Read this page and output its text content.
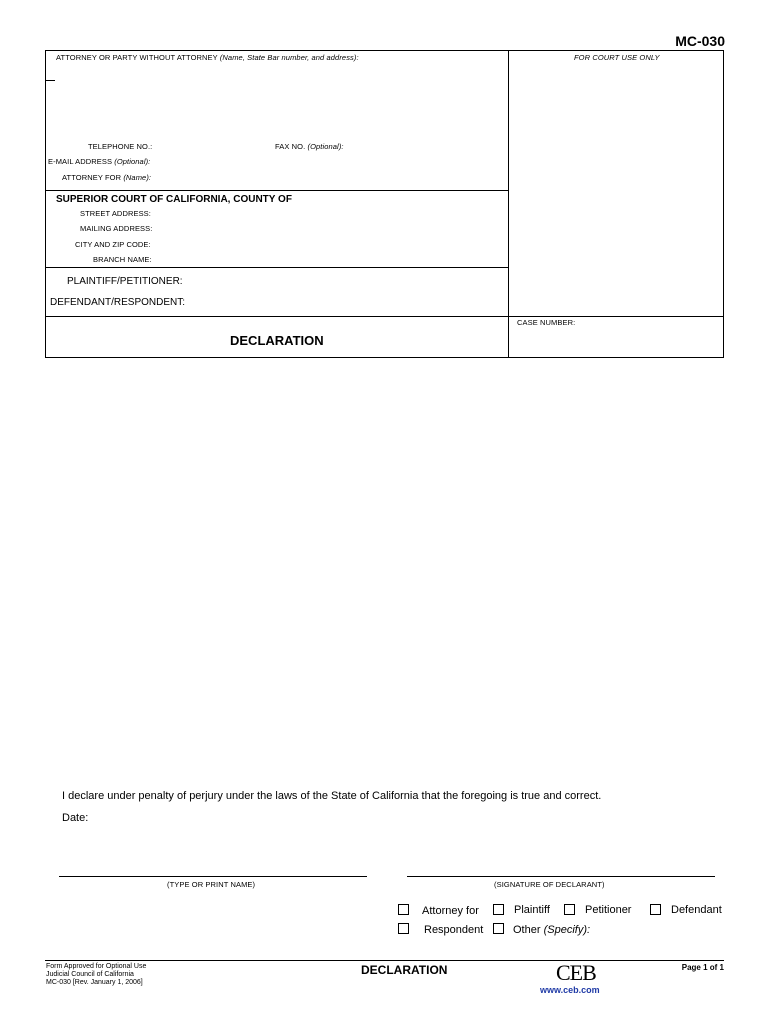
MC-030
ATTORNEY OR PARTY WITHOUT ATTORNEY (Name, State Bar number, and address):	FOR COURT USE ONLY
TELEPHONE NO.:	FAX NO. (Optional):
E-MAIL ADDRESS (Optional):
ATTORNEY FOR (Name):
SUPERIOR COURT OF CALIFORNIA, COUNTY OF
STREET ADDRESS:
MAILING ADDRESS:
CITY AND ZIP CODE:
BRANCH NAME:
PLAINTIFF/PETITIONER:
DEFENDANT/RESPONDENT:
CASE NUMBER:
DECLARATION
I declare under penalty of perjury under the laws of the State of California that the foregoing is true and correct.
Date:
(TYPE OR PRINT NAME)	(SIGNATURE OF DECLARANT)
Attorney for	Plaintiff	Petitioner	Defendant
Respondent	Other (Specify):
Form Approved for Optional Use
Judicial Council of California
MC-030 [Rev. January 1, 2006]
DECLARATION	CEB
www.ceb.com
Page 1 of 1
